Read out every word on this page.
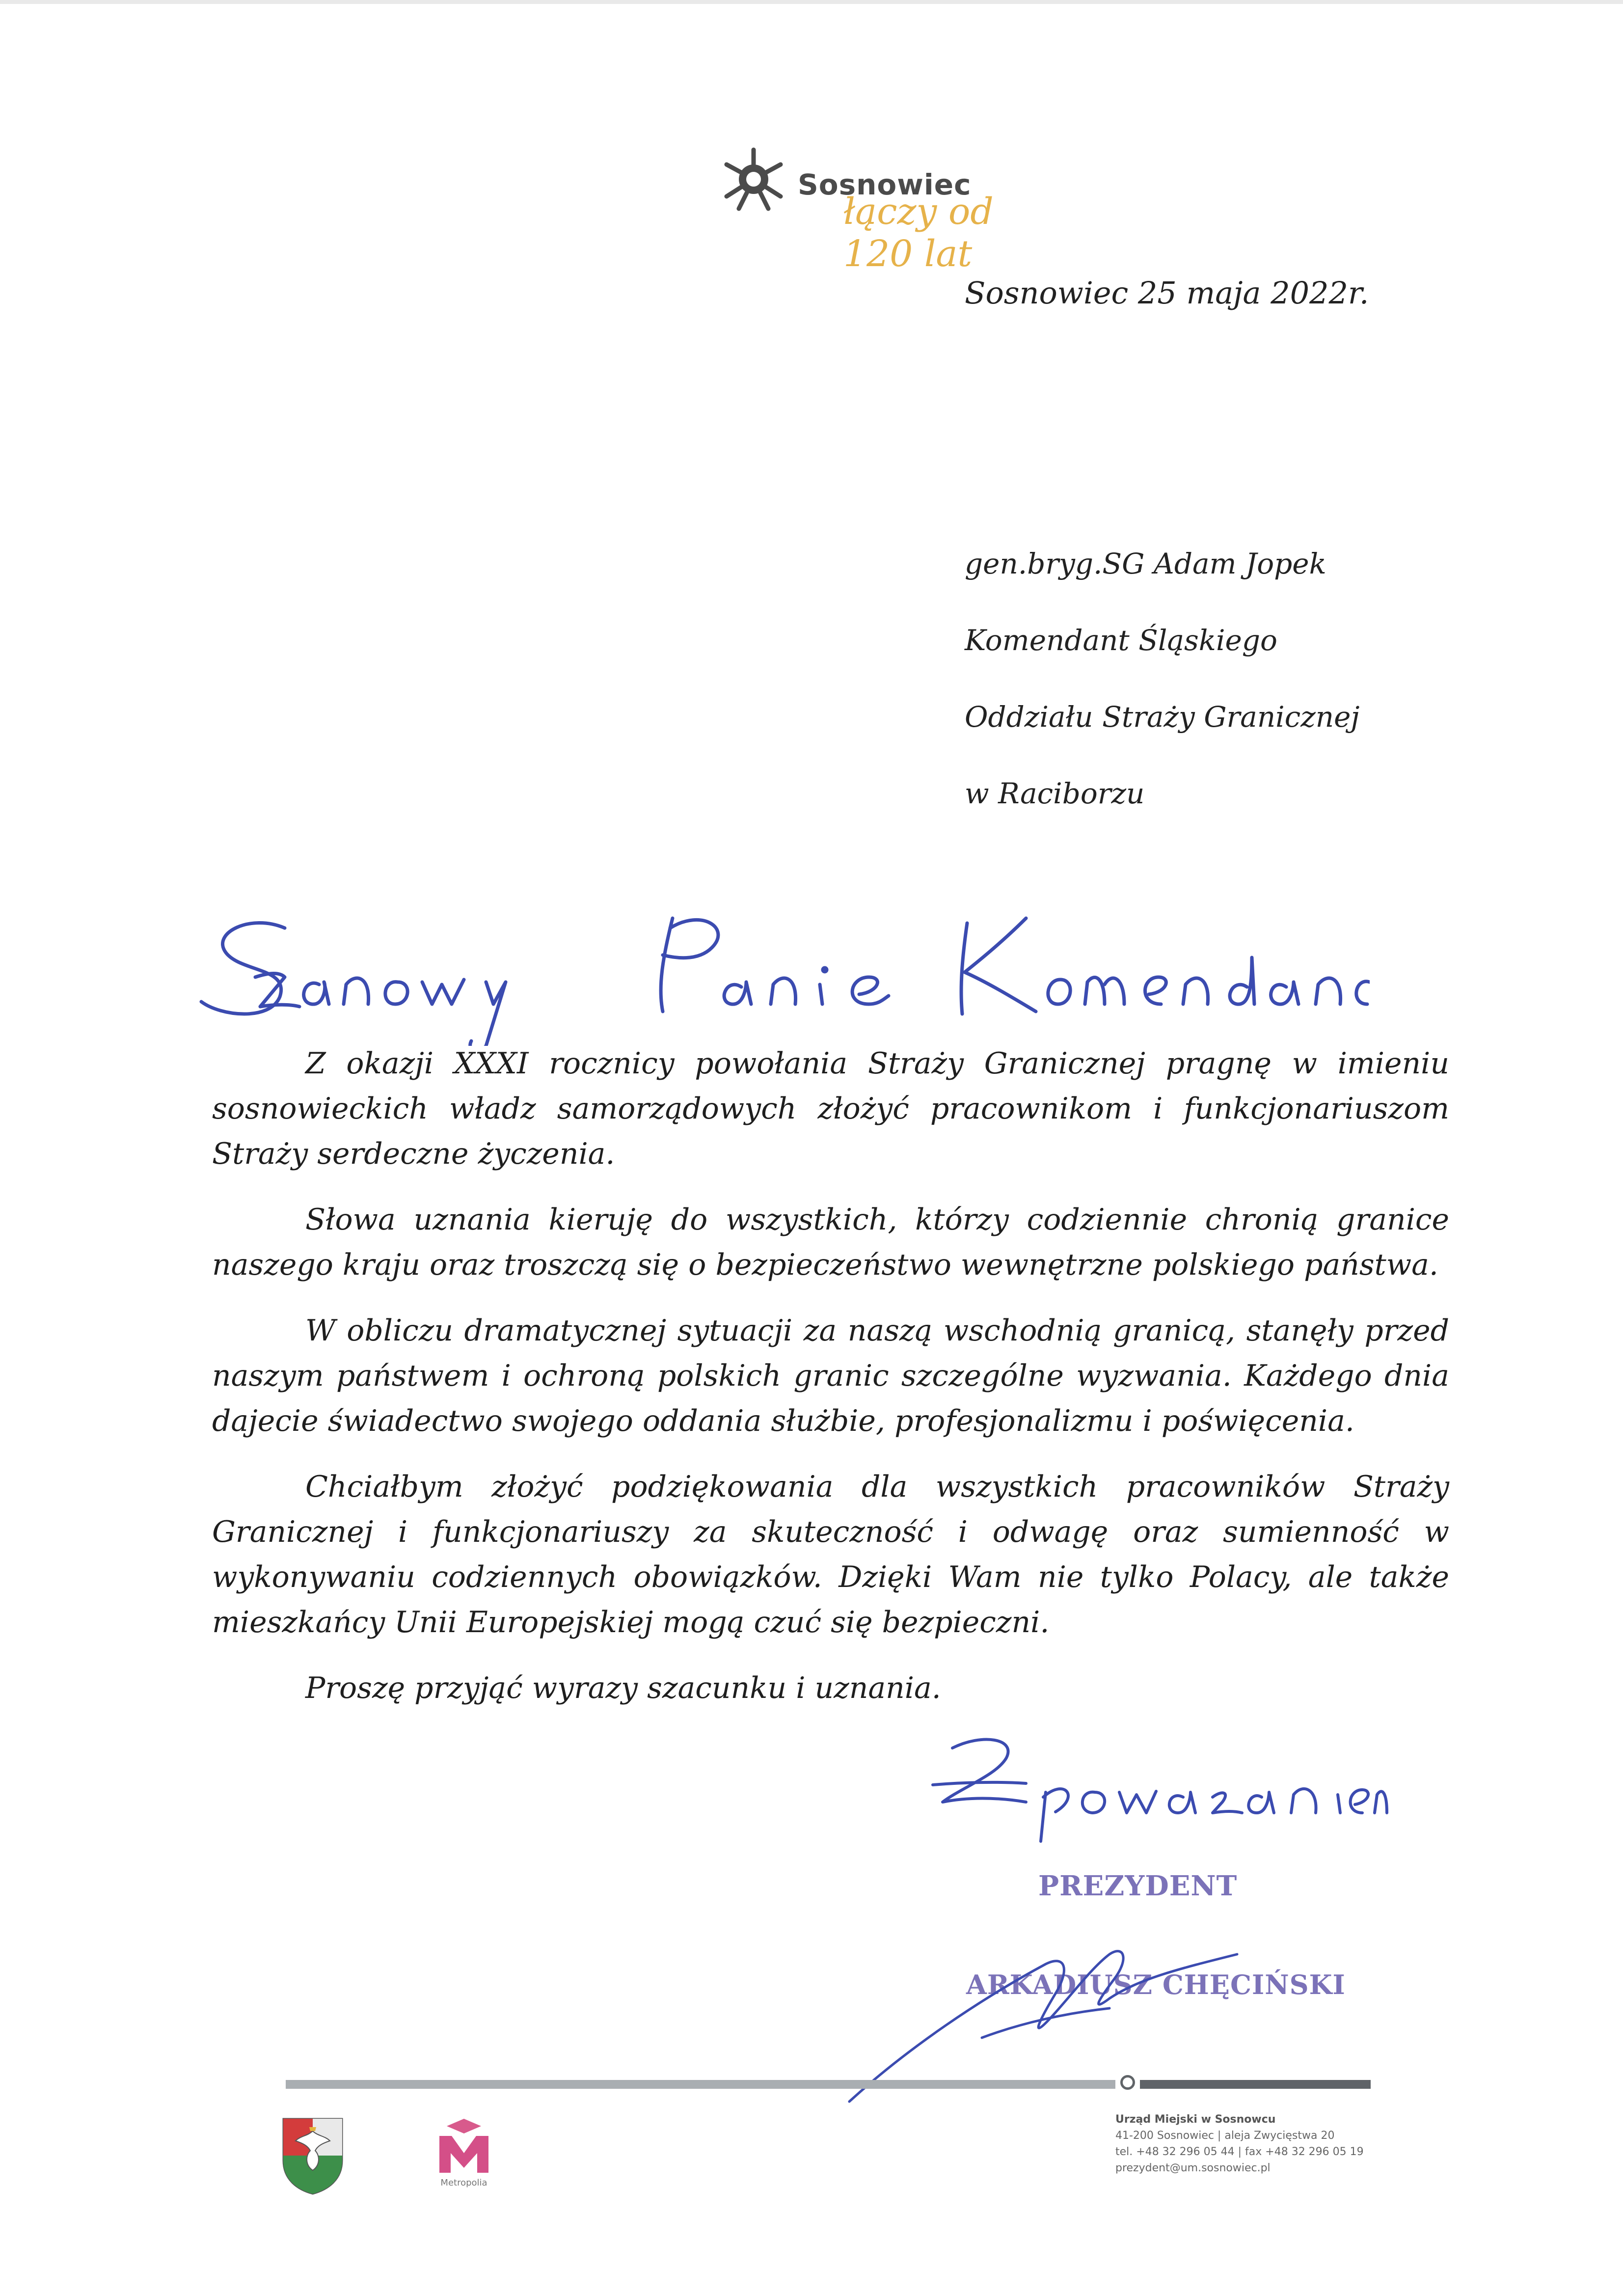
Sosnowiec
łączy od 120 lat
Sosnowiec 25 maja 2022r.
gen.bryg.SG Adam Jopek
Komendant Śląskiego
Oddziału Straży Granicznej
w Raciborzu

Z okazji XXXI rocznicy powołania Straży Granicznej pragnę w imieniu sosnowieckich władz samorządowych złożyć pracownikom i funkcjonariuszom Straży serdeczne życzenia.

Słowa uznania kieruję do wszystkich, którzy codziennie chronią granice naszego kraju oraz troszczą się o bezpieczeństwo wewnętrzne polskiego państwa.

W obliczu dramatycznej sytuacji za naszą wschodnią granicą, stanęły przed naszym państwem i ochroną polskich granic szczególne wyzwania. Każdego dnia dajecie świadectwo swojego oddania służbie, profesjonalizmu i poświęcenia.

Chciałbym złożyć podziękowania dla wszystkich pracowników Straży Granicznej i funkcjonariuszy za skuteczność i odwagę oraz sumienność w wykonywaniu codziennych obowiązków. Dzięki Wam nie tylko Polacy, ale także mieszkańcy Unii Europejskiej mogą czuć się bezpieczni.

Proszę przyjąć wyrazy szacunku i uznania.

PREZYDENT
ARKADIUSZ CHĘCIŃSKI
Metropolia
Urząd Miejski w Sosnowcu
41-200 Sosnowiec | aleja Zwycięstwa 20
tel. +48 32 296 05 44 | fax +48 32 296 05 19
prezydent@um.sosnowiec.pl
